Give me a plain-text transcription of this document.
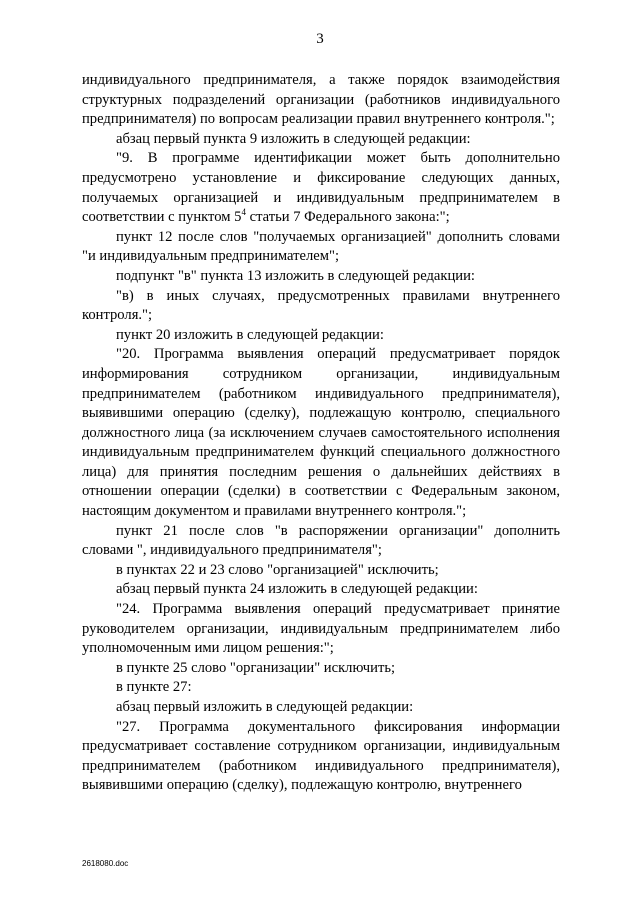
3

индивидуального предпринимателя, а также порядок взаимодействия структурных подразделений организации (работников индивидуального предпринимателя) по вопросам реализации правил внутреннего контроля.";

абзац первый пункта 9 изложить в следующей редакции:

"9. В программе идентификации может быть дополнительно предусмотрено установление и фиксирование следующих данных, получаемых организацией и индивидуальным предпринимателем в соответствии с пунктом $5^4$ статьи 7 Федерального закона:";

пункт 12 после слов "получаемых организацией" дополнить словами "и индивидуальным предпринимателем";

подпункт "в" пункта 13 изложить в следующей редакции:

"в) в иных случаях, предусмотренных правилами внутреннего контроля.";

пункт 20 изложить в следующей редакции:

"20. Программа выявления операций предусматривает порядок информирования сотрудником организации, индивидуальным предпринимателем (работником индивидуального предпринимателя), выявившими операцию (сделку), подлежащую контролю, специального должностного лица (за исключением случаев самостоятельного исполнения индивидуальным предпринимателем функций специального должностного лица) для принятия последним решения о дальнейших действиях в отношении операции (сделки) в соответствии с Федеральным законом, настоящим документом и правилами внутреннего контроля.";

пункт 21 после слов "в распоряжении организации" дополнить словами ", индивидуального предпринимателя";

в пунктах 22 и 23 слово "организацией" исключить;

абзац первый пункта 24 изложить в следующей редакции:

"24. Программа выявления операций предусматривает принятие руководителем организации, индивидуальным предпринимателем либо уполномоченным ими лицом решения:";

в пункте 25 слово "организации" исключить;

в пункте 27:

абзац первый изложить в следующей редакции:

"27. Программа документального фиксирования информации предусматривает составление сотрудником организации, индивидуальным предпринимателем (работником индивидуального предпринимателя), выявившими операцию (сделку), подлежащую контролю, внутреннего

2618080.doc
